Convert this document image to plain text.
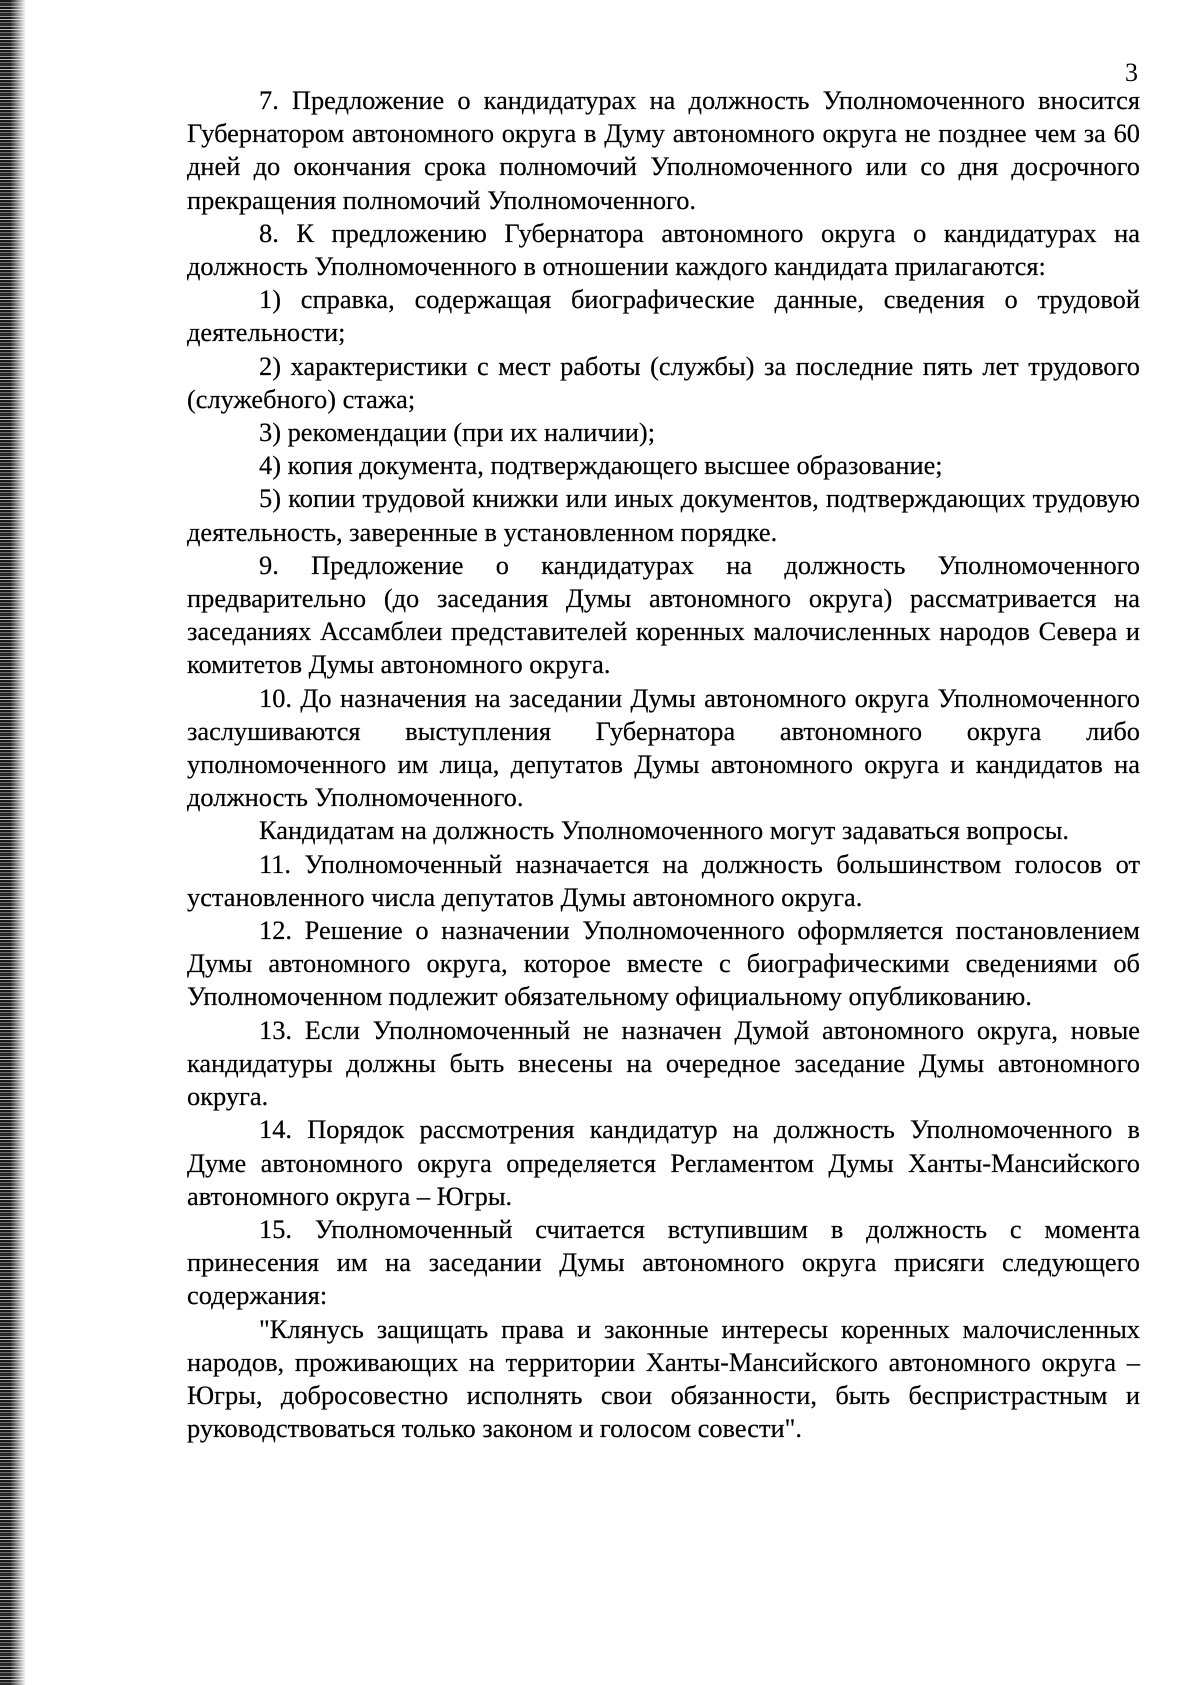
3

7. Предложение о кандидатурах на должность Уполномоченного вносится Губернатором автономного округа в Думу автономного округа не позднее чем за 60 дней до окончания срока полномочий Уполномоченного или со дня досрочного прекращения полномочий Уполномоченного.

8. К предложению Губернатора автономного округа о кандидатурах на должность Уполномоченного в отношении каждого кандидата прилагаются:

1) справка, содержащая биографические данные, сведения о трудовой деятельности;

2) характеристики с мест работы (службы) за последние пять лет трудового (служебного) стажа;

3) рекомендации (при их наличии);

4) копия документа, подтверждающего высшее образование;

5) копии трудовой книжки или иных документов, подтверждающих трудовую деятельность, заверенные в установленном порядке.

9. Предложение о кандидатурах на должность Уполномоченного предварительно (до заседания Думы автономного округа) рассматривается на заседаниях Ассамблеи представителей коренных малочисленных народов Севера и комитетов Думы автономного округа.

10. До назначения на заседании Думы автономного округа Уполномоченного заслушиваются выступления Губернатора автономного округа либо уполномоченного им лица, депутатов Думы автономного округа и кандидатов на должность Уполномоченного.

Кандидатам на должность Уполномоченного могут задаваться вопросы.

11. Уполномоченный назначается на должность большинством голосов от установленного числа депутатов Думы автономного округа.

12. Решение о назначении Уполномоченного оформляется постановлением Думы автономного округа, которое вместе с биографическими сведениями об Уполномоченном подлежит обязательному официальному опубликованию.

13. Если Уполномоченный не назначен Думой автономного округа, новые кандидатуры должны быть внесены на очередное заседание Думы автономного округа.

14. Порядок рассмотрения кандидатур на должность Уполномоченного в Думе автономного округа определяется Регламентом Думы Ханты-Мансийского автономного округа – Югры.

15. Уполномоченный считается вступившим в должность с момента принесения им на заседании Думы автономного округа присяги следующего содержания:

"Клянусь защищать права и законные интересы коренных малочисленных народов, проживающих на территории Ханты-Мансийского автономного округа – Югры, добросовестно исполнять свои обязанности, быть беспристрастным и руководствоваться только законом и голосом совести".
